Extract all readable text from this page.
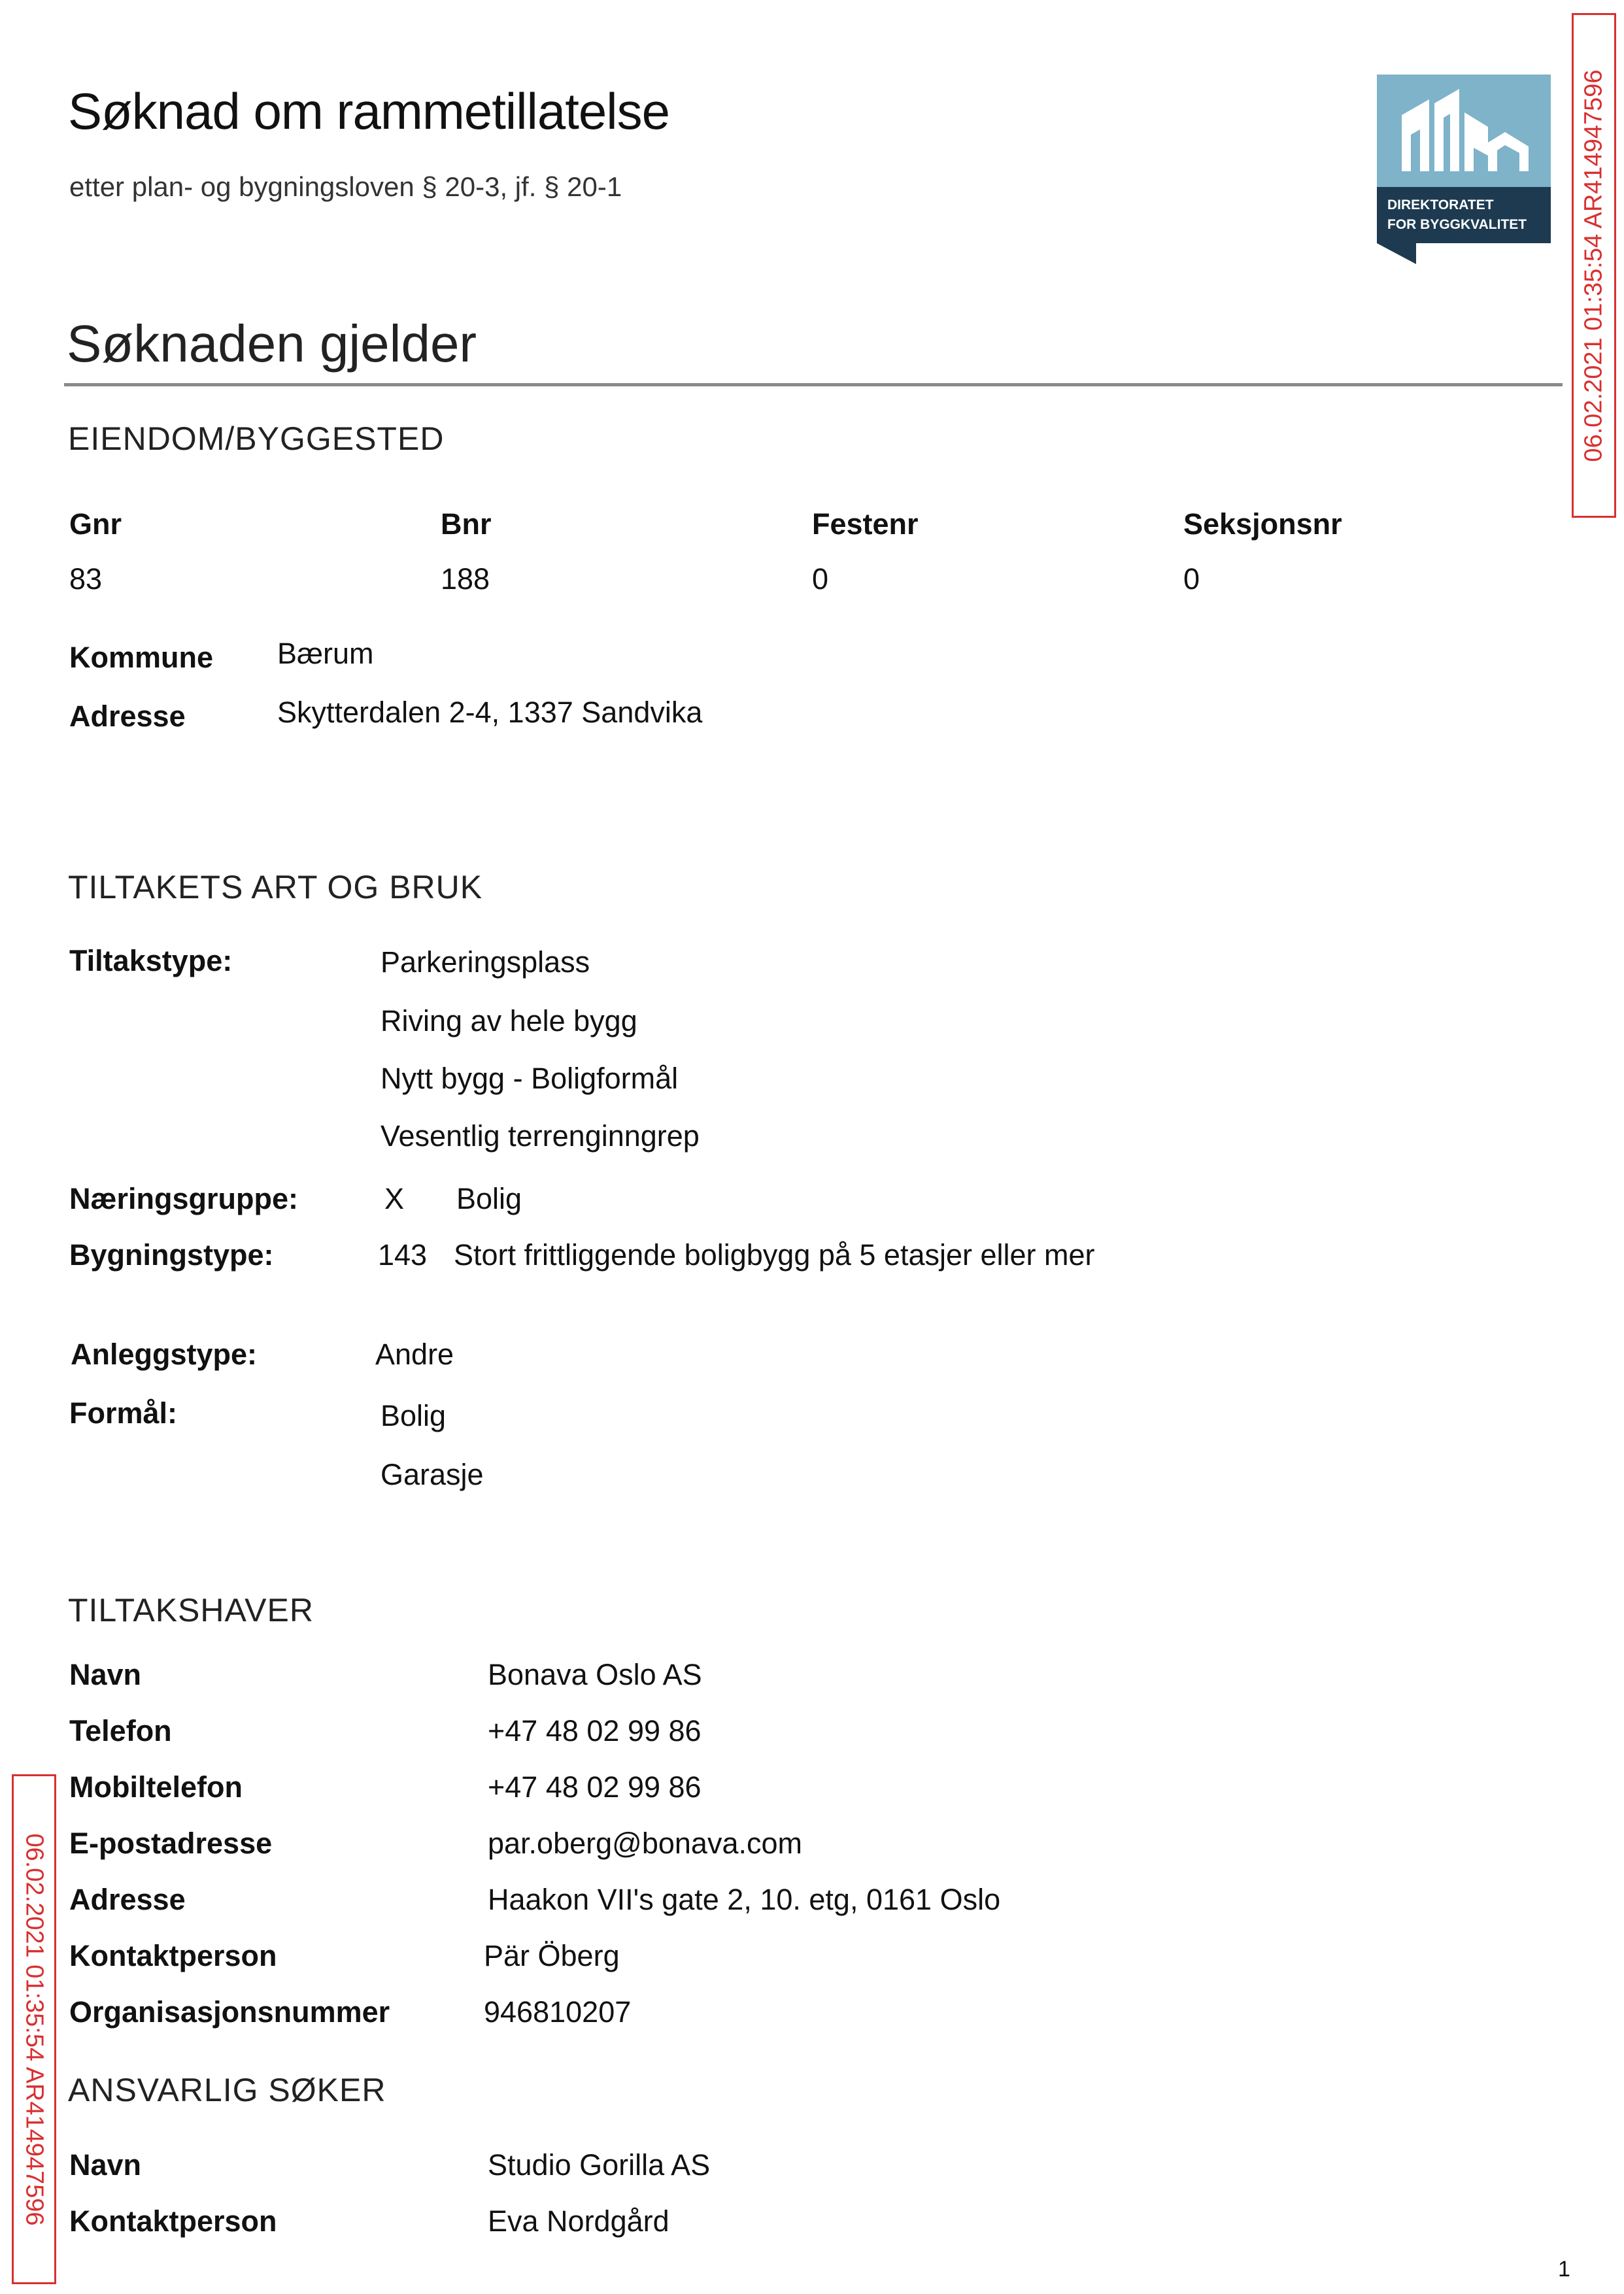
06.02.2021 01:35:54 AR414947596
06.02.2021 01:35:54 AR414947596
Søknad om rammetillatelse
etter plan- og bygningsloven § 20-3, jf. § 20-1
DIREKTORATET
FOR BYGGKVALITET
Søknaden gjelder
EIENDOM/BYGGESTED
Gnr	Bnr	Festenr	Seksjonsnr
83	188	0	0
Kommune Bærum
Adresse	Skytterdalen 2-4, 1337 Sandvika
TILTAKETS ART OG BRUK
Tiltakstype:	Parkeringsplass
Riving av hele bygg
Nytt bygg - Boligformål
Vesentlig terrenginngrep
Næringsgruppe:	X Bolig
Bygningstype:	143 Stort frittliggende boligbygg på 5 etasjer eller mer
Anleggstype:	Andre
Formål:	Bolig
Garasje
TILTAKSHAVER
Navn	Bonava Oslo AS
Telefon	+47 48 02 99 86
Mobiltelefon	+47 48 02 99 86
E-postadresse	par.oberg@bonava.com
Adresse	Haakon VII's gate 2, 10. etg, 0161 Oslo
Kontaktperson	Pär Öberg
Organisasjonsnummer	946810207
ANSVARLIG SØKER
Navn	Studio Gorilla AS
Kontaktperson	Eva Nordgård
1
